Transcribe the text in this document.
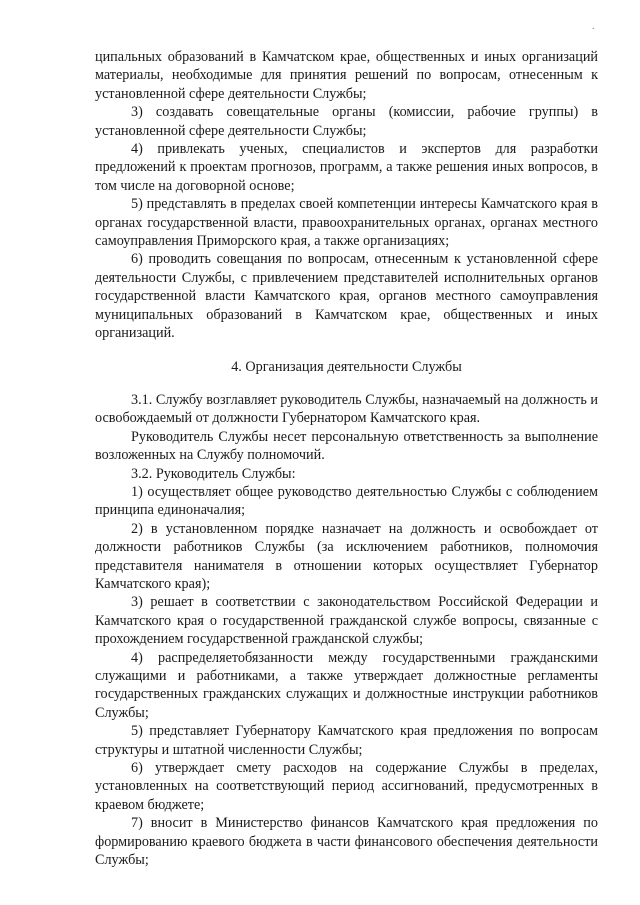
.

ципальных образований в Камчатском крае, общественных и иных организаций материалы, необходимые для принятия решений по вопросам, отнесенным к установленной сфере деятельности Службы;

3) создавать совещательные органы (комиссии, рабочие группы) в установленной сфере деятельности Службы;

4) привлекать ученых, специалистов и экспертов для разработки предложений к проектам прогнозов, программ, а также решения иных вопросов, в том числе на договорной основе;

5) представлять в пределах своей компетенции интересы Камчатского края в органах государственной власти, правоохранительных органах, органах местного самоуправления Приморского края, а также организациях;

6) проводить совещания по вопросам, отнесенным к установленной сфере деятельности Службы, с привлечением представителей исполнительных органов государственной власти Камчатского края, органов местного самоуправления муниципальных образований в Камчатском крае, общественных и иных организаций.

4. Организация деятельности Службы

3.1. Службу возглавляет руководитель Службы, назначаемый на должность и освобождаемый от должности Губернатором Камчатского края.

Руководитель Службы несет персональную ответственность за выполнение возложенных на Службу полномочий.

3.2. Руководитель Службы:

1) осуществляет общее руководство деятельностью Службы с соблюдением принципа единоначалия;

2) в установленном порядке назначает на должность и освобождает от должности работников Службы (за исключением работников, полномочия представителя нанимателя в отношении которых осуществляет Губернатор Камчатского края);

3) решает в соответствии с законодательством Российской Федерации и Камчатского края о государственной гражданской службе вопросы, связанные с прохождением государственной гражданской службы;

4) распределяетобязанности между государственными гражданскими служащими и работниками, а также утверждает должностные регламенты государственных гражданских служащих и должностные инструкции работников Службы;

5) представляет Губернатору Камчатского края предложения по вопросам структуры и штатной численности Службы;

6) утверждает смету расходов на содержание Службы в пределах, установленных на соответствующий период ассигнований, предусмотренных в краевом бюджете;

7) вносит в Министерство финансов Камчатского края предложения по формированию краевого бюджета в части финансового обеспечения деятельности Службы;
